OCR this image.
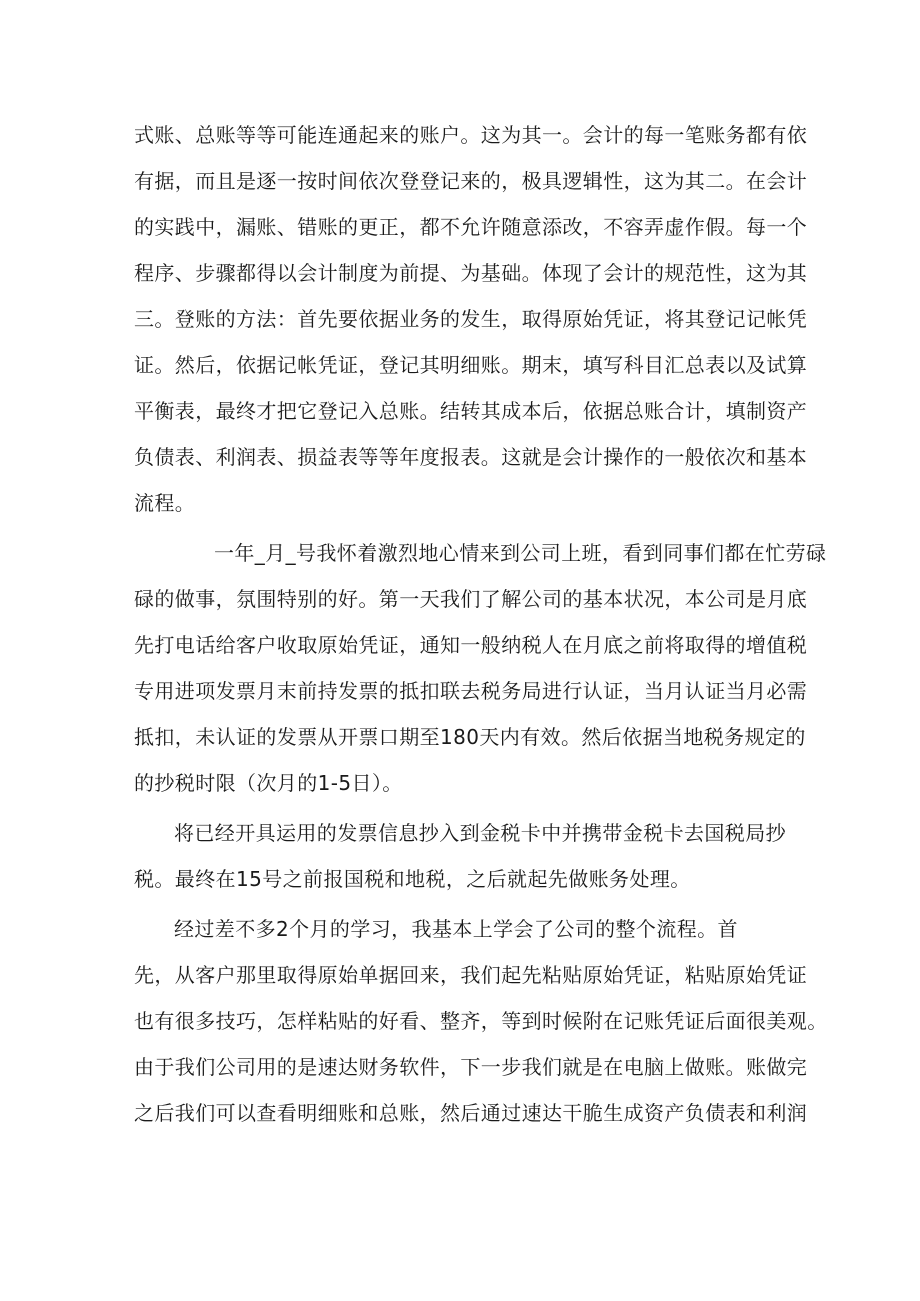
式账、总账等等可能连通起来的账户。这为其一。会计的每一笔账务都有依
有据，而且是逐一按时间依次登登记来的，极具逻辑性，这为其二。在会计
的实践中，漏账、错账的更正，都不允许随意添改，不容弄虚作假。每一个
程序、步骤都得以会计制度为前提、为基础。体现了会计的规范性，这为其
三。登账的方法：首先要依据业务的发生，取得原始凭证，将其登记记帐凭
证。然后，依据记帐凭证，登记其明细账。期末，填写科目汇总表以及试算
平衡表，最终才把它登记入总账。结转其成本后，依据总账合计，填制资产
负债表、利润表、损益表等等年度报表。这就是会计操作的一般依次和基本
流程。
一年_月_号我怀着激烈地心情来到公司上班，看到同事们都在忙劳碌
碌的做事，氛围特别的好。第一天我们了解公司的基本状况，本公司是月底
先打电话给客户收取原始凭证，通知一般纳税人在月底之前将取得的增值税
专用进项发票月末前持发票的抵扣联去税务局进行认证，当月认证当月必需
抵扣，未认证的发票从开票口期至180天内有效。然后依据当地税务规定的
的抄税时限（次月的1-5日）。
将已经开具运用的发票信息抄入到金税卡中并携带金税卡去国税局抄
税。最终在15号之前报国税和地税，之后就起先做账务处理。
经过差不多2个月的学习，我基本上学会了公司的整个流程。首
先，从客户那里取得原始单据回来，我们起先粘贴原始凭证，粘贴原始凭证
也有很多技巧，怎样粘贴的好看、整齐，等到时候附在记账凭证后面很美观。
由于我们公司用的是速达财务软件，下一步我们就是在电脑上做账。账做完
之后我们可以查看明细账和总账，然后通过速达干脆生成资产负债表和利润
